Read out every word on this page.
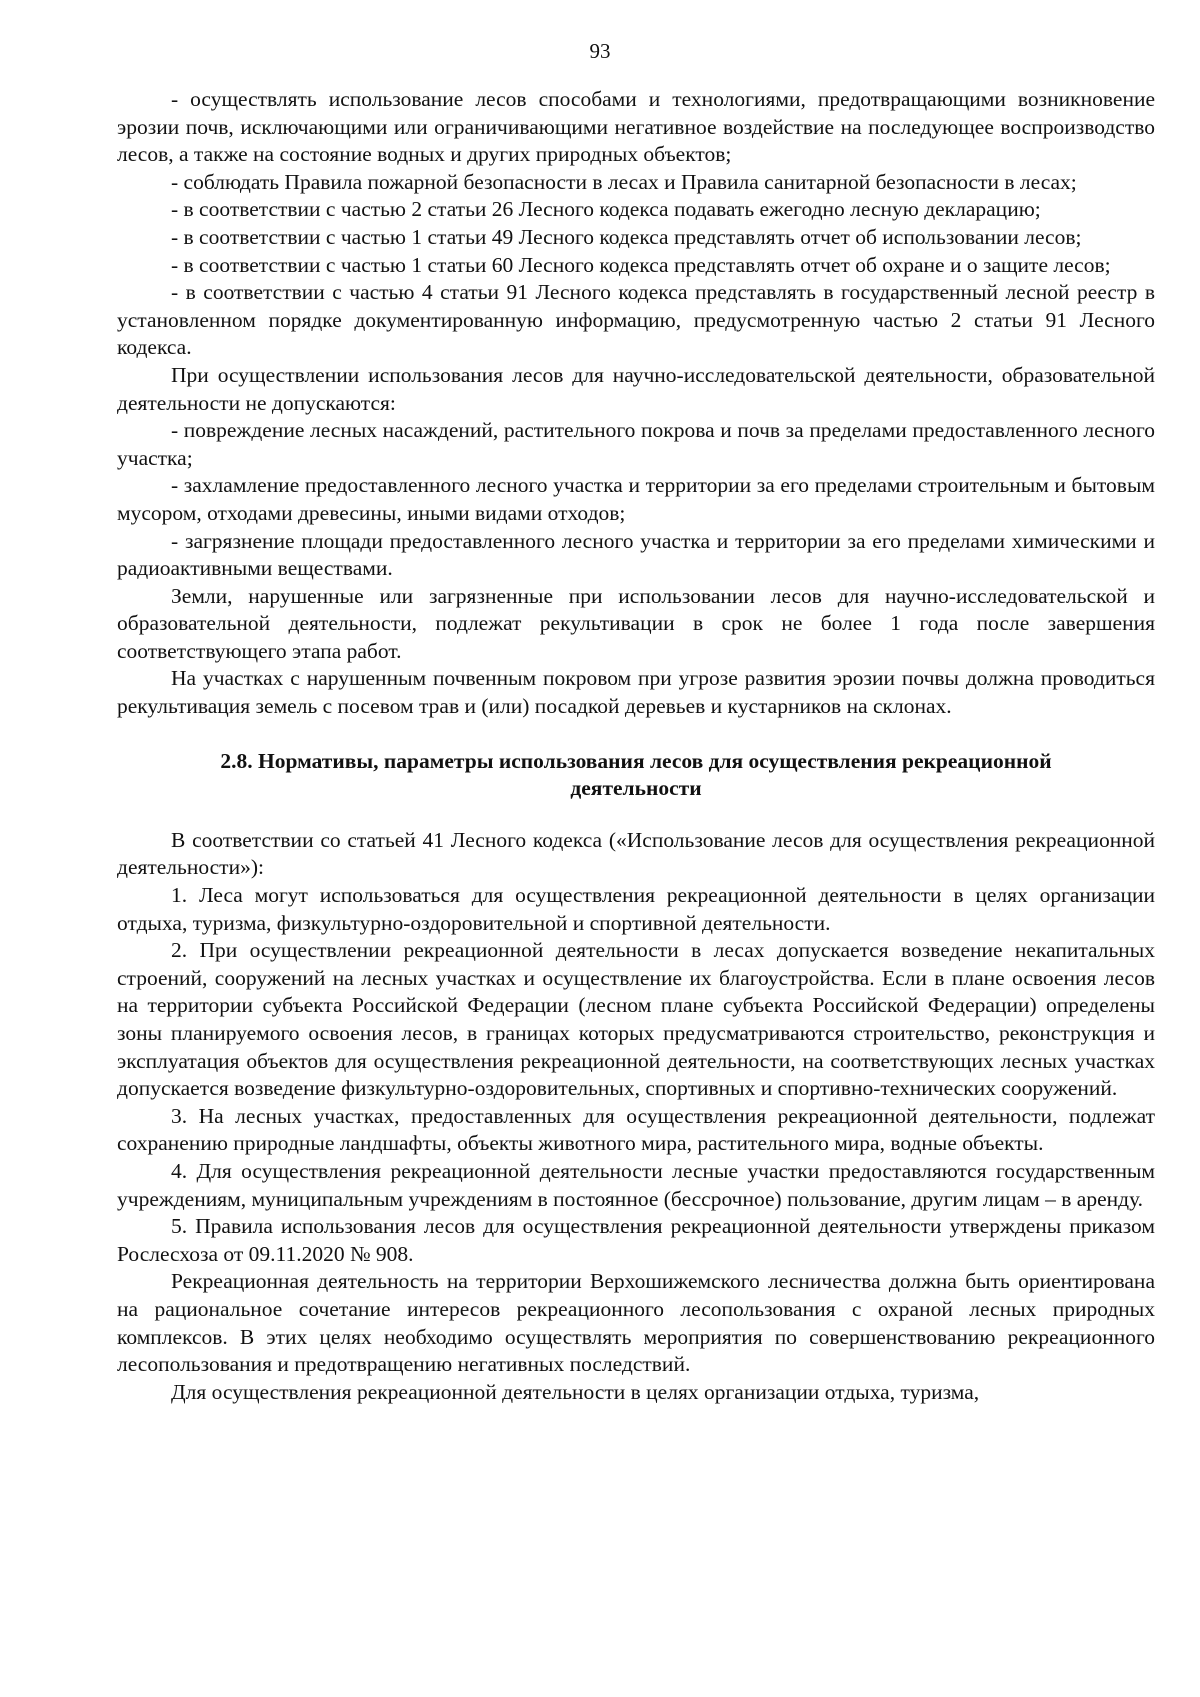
93

- осуществлять использование лесов способами и технологиями, предотвращающими возникновение эрозии почв, исключающими или ограничивающими негативное воздействие на последующее воспроизводство лесов, а также на состояние водных и других природных объектов;

- соблюдать Правила пожарной безопасности в лесах и Правила санитарной безопасности в лесах;

- в соответствии с частью 2 статьи 26 Лесного кодекса подавать ежегодно лесную декларацию;

- в соответствии с частью 1 статьи 49 Лесного кодекса представлять отчет об использовании лесов;

- в соответствии с частью 1 статьи 60 Лесного кодекса представлять отчет об охране и о защите лесов;

- в соответствии с частью 4 статьи 91 Лесного кодекса представлять в государственный лесной реестр в установленном порядке документированную информацию, предусмотренную частью 2 статьи 91 Лесного кодекса.

При осуществлении использования лесов для научно-исследовательской деятельности, образовательной деятельности не допускаются:

- повреждение лесных насаждений, растительного покрова и почв за пределами предоставленного лесного участка;

- захламление предоставленного лесного участка и территории за его пределами строительным и бытовым мусором, отходами древесины, иными видами отходов;

- загрязнение площади предоставленного лесного участка и территории за его пределами химическими и радиоактивными веществами.

Земли, нарушенные или загрязненные при использовании лесов для научно-исследовательской и образовательной деятельности, подлежат рекультивации в срок не более 1 года после завершения соответствующего этапа работ.

На участках с нарушенным почвенным покровом при угрозе развития эрозии почвы должна проводиться рекультивация земель с посевом трав и (или) посадкой деревьев и кустарников на склонах.

2.8. Нормативы, параметры использования лесов для осуществления рекреационной деятельности

В соответствии со статьей 41 Лесного кодекса («Использование лесов для осуществления рекреационной деятельности»):

1. Леса могут использоваться для осуществления рекреационной деятельности в целях организации отдыха, туризма, физкультурно-оздоровительной и спортивной деятельности.

2. При осуществлении рекреационной деятельности в лесах допускается возведение некапитальных строений, сооружений на лесных участках и осуществление их благоустройства. Если в плане освоения лесов на территории субъекта Российской Федерации (лесном плане субъекта Российской Федерации) определены зоны планируемого освоения лесов, в границах которых предусматриваются строительство, реконструкция и эксплуатация объектов для осуществления рекреационной деятельности, на соответствующих лесных участках допускается возведение физкультурно-оздоровительных, спортивных и спортивно-технических сооружений.

3. На лесных участках, предоставленных для осуществления рекреационной деятельности, подлежат сохранению природные ландшафты, объекты животного мира, растительного мира, водные объекты.

4. Для осуществления рекреационной деятельности лесные участки предоставляются государственным учреждениям, муниципальным учреждениям в постоянное (бессрочное) пользование, другим лицам – в аренду.

5. Правила использования лесов для осуществления рекреационной деятельности утверждены приказом Рослесхоза от 09.11.2020 № 908.

Рекреационная деятельность на территории Верхошижемского лесничества должна быть ориентирована на рациональное сочетание интересов рекреационного лесопользования с охраной лесных природных комплексов. В этих целях необходимо осуществлять мероприятия по совершенствованию рекреационного лесопользования и предотвращению негативных последствий.

Для осуществления рекреационной деятельности в целях организации отдыха, туризма,
